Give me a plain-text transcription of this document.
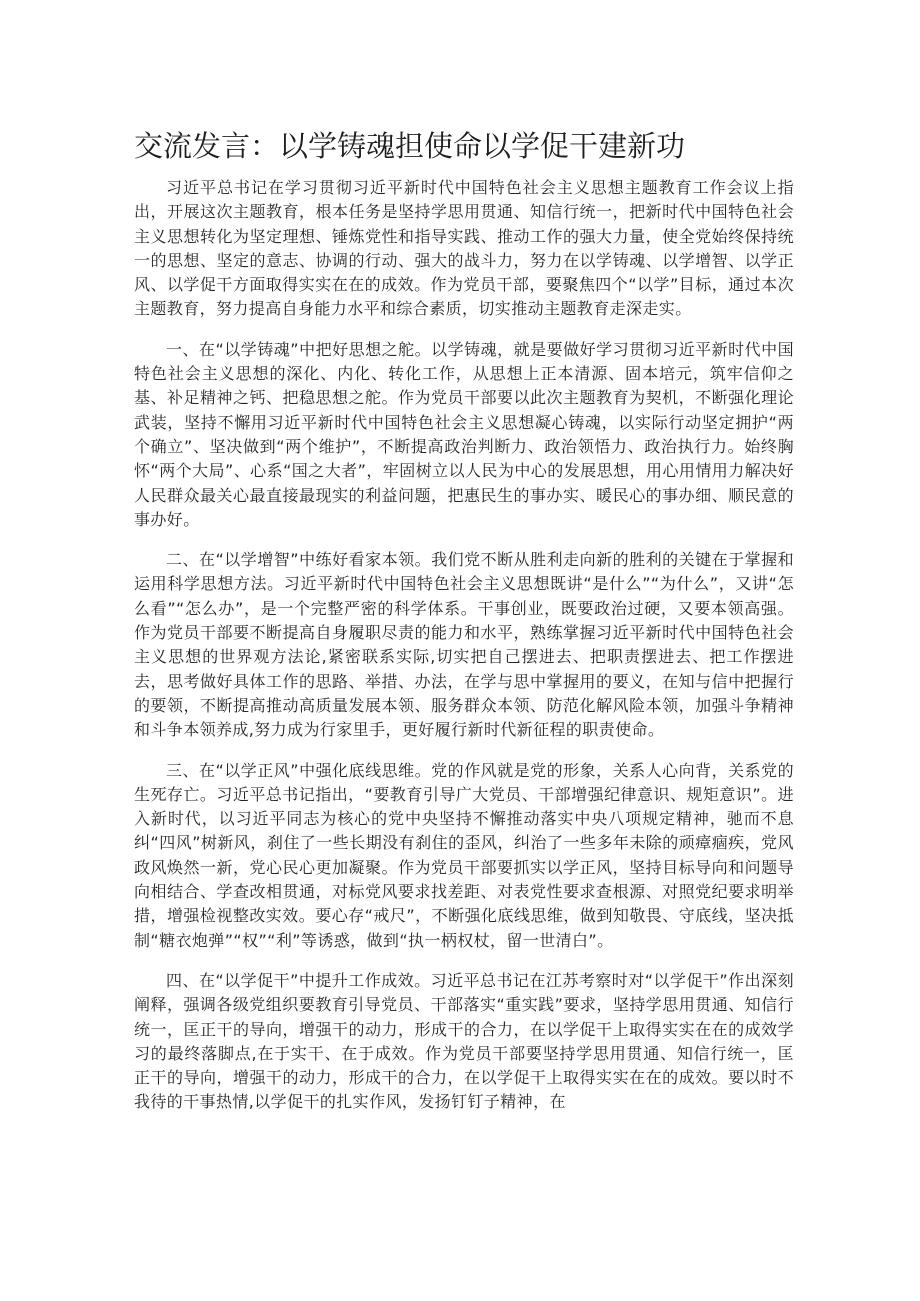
交流发言：以学铸魂担使命以学促干建新功

习近平总书记在学习贯彻习近平新时代中国特色社会主义思想主题教育工作会议上指出，开展这次主题教育，根本任务是坚持学思用贯通、知信行统一，把新时代中国特色社会主义思想转化为坚定理想、锤炼党性和指导实践、推动工作的强大力量，使全党始终保持统一的思想、坚定的意志、协调的行动、强大的战斗力，努力在以学铸魂、以学增智、以学正风、以学促干方面取得实实在在的成效。作为党员干部，要聚焦四个“以学”目标，通过本次主题教育，努力提高自身能力水平和综合素质，切实推动主题教育走深走实。

一、在“以学铸魂”中把好思想之舵。以学铸魂，就是要做好学习贯彻习近平新时代中国特色社会主义思想的深化、内化、转化工作，从思想上正本清源、固本培元，筑牢信仰之基、补足精神之钙、把稳思想之舵。作为党员干部要以此次主题教育为契机，不断强化理论武装，坚持不懈用习近平新时代中国特色社会主义思想凝心铸魂，以实际行动坚定拥护“两个确立”、坚决做到“两个维护”，不断提高政治判断力、政治领悟力、政治执行力。始终胸怀“两个大局”、心系“国之大者”，牢固树立以人民为中心的发展思想，用心用情用力解决好人民群众最关心最直接最现实的利益问题，把惠民生的事办实、暖民心的事办细、顺民意的事办好。

二、在“以学增智”中练好看家本领。我们党不断从胜利走向新的胜利的关键在于掌握和运用科学思想方法。习近平新时代中国特色社会主义思想既讲“是什么”“为什么”，又讲“怎么看”“怎么办”，是一个完整严密的科学体系。干事创业，既要政治过硬，又要本领高强。作为党员干部要不断提高自身履职尽责的能力和水平，熟练掌握习近平新时代中国特色社会主义思想的世界观方法论,紧密联系实际,切实把自己摆进去、把职责摆进去、把工作摆进去，思考做好具体工作的思路、举措、办法，在学与思中掌握用的要义，在知与信中把握行的要领，不断提高推动高质量发展本领、服务群众本领、防范化解风险本领，加强斗争精神和斗争本领养成,努力成为行家里手，更好履行新时代新征程的职责使命。

三、在“以学正风”中强化底线思维。党的作风就是党的形象，关系人心向背，关系党的生死存亡。习近平总书记指出，“要教育引导广大党员、干部增强纪律意识、规矩意识”。进入新时代，以习近平同志为核心的党中央坚持不懈推动落实中央八项规定精神，驰而不息纠“四风”树新风，刹住了一些长期没有刹住的歪风，纠治了一些多年未除的顽瘴痼疾，党风政风焕然一新，党心民心更加凝聚。作为党员干部要抓实以学正风，坚持目标导向和问题导向相结合、学查改相贯通，对标党风要求找差距、对表党性要求查根源、对照党纪要求明举措，增强检视整改实效。要心存“戒尺”，不断强化底线思维，做到知敬畏、守底线，坚决抵制“糖衣炮弹”“权”“利”等诱惑，做到“执一柄权杖，留一世清白”。

四、在“以学促干”中提升工作成效。习近平总书记在江苏考察时对“以学促干”作出深刻阐释，强调各级党组织要教育引导党员、干部落实“重实践”要求，坚持学思用贯通、知信行统一，匡正干的导向，增强干的动力，形成干的合力，在以学促干上取得实实在在的成效学习的最终落脚点,在于实干、在于成效。作为党员干部要坚持学思用贯通、知信行统一，匡正干的导向，增强干的动力，形成干的合力，在以学促干上取得实实在在的成效。要以时不我待的干事热情,以学促干的扎实作风，发扬钉钉子精神，在
